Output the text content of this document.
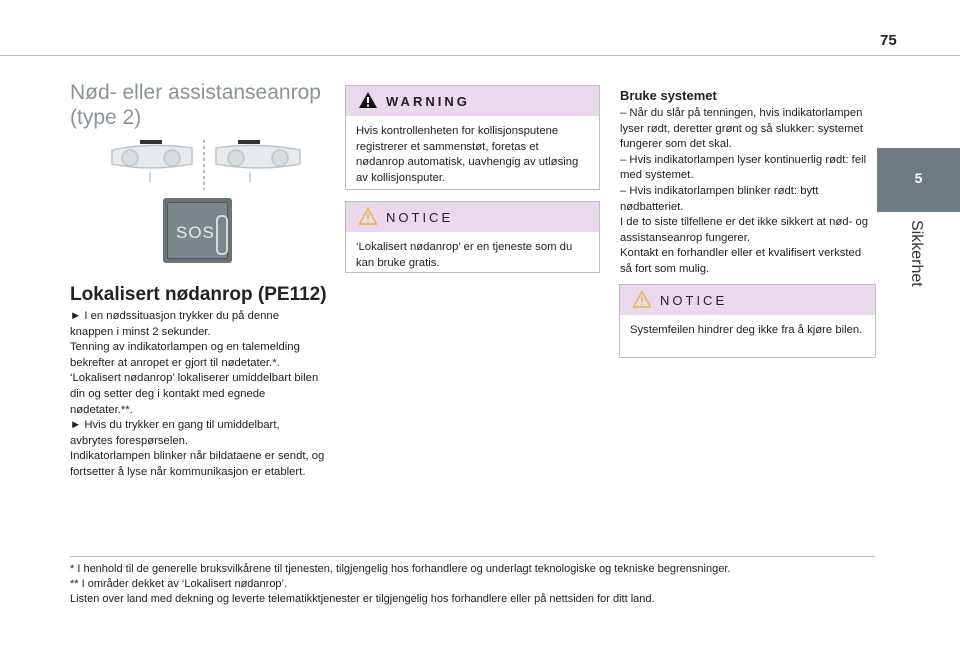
75
5
Sikkerhet
Nød- eller assistanseanrop (type 2)
SOS
Lokalisert nødanrop (PE112)

► I en nødssituasjon trykker du på denne knappen i minst 2 sekunder.

Tenning av indikatorlampen og en talemelding bekrefter at anropet er gjort til nødetater.*.

‘Lokalisert nødanrop’ lokaliserer umiddelbart bilen din og setter deg i kontakt med egnede nødetater.**.

► Hvis du trykker en gang til umiddelbart, avbrytes forespørselen.

Indikatorlampen blinker når bildataene er sendt, og fortsetter å lyse når kommunikasjon er etablert.

WARNING

Hvis kontrollenheten for kollisjonsputene registrerer et sammenstøt, foretas et nødanrop automatisk, uavhengig av utløsing av kollisjonsputer.

NOTICE

‘Lokalisert nødanrop’ er en tjeneste som du kan bruke gratis.

Bruke systemet

– Når du slår på tenningen, hvis indikatorlampen lyser rødt, deretter grønt og så slukker: systemet fungerer som det skal.

– Hvis indikatorlampen lyser kontinuerlig rødt: feil med systemet.

– Hvis indikatorlampen blinker rødt: bytt nødbatteriet.

I de to siste tilfellene er det ikke sikkert at nød- og assistanseanrop fungerer.

Kontakt en forhandler eller et kvalifisert verksted så fort som mulig.

NOTICE

Systemfeilen hindrer deg ikke fra å kjøre bilen.

* I henhold til de generelle bruksvilkårene til tjenesten, tilgjengelig hos forhandlere og underlagt teknologiske og tekniske begrensninger.

** I områder dekket av ‘Lokalisert nødanrop’.

Listen over land med dekning og leverte telematikktjenester er tilgjengelig hos forhandlere eller på nettsiden for ditt land.
